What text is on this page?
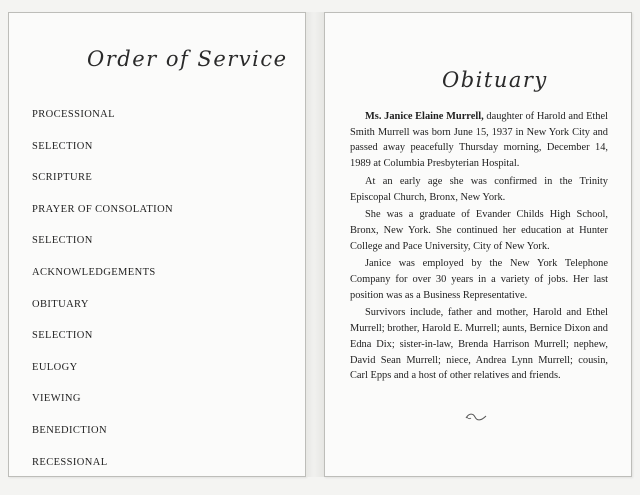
Order of Service
PROCESSIONAL
SELECTION
SCRIPTURE
PRAYER OF CONSOLATION
SELECTION
ACKNOWLEDGEMENTS
OBITUARY
SELECTION
EULOGY
VIEWING
BENEDICTION
RECESSIONAL
Obituary

Ms. Janice Elaine Murrell, daughter of Harold and Ethel Smith Murrell was born June 15, 1937 in New York City and passed away peacefully Thursday morning, December 14, 1989 at Columbia Presbyterian Hospital.

At an early age she was confirmed in the Trinity Episcopal Church, Bronx, New York.

She was a graduate of Evander Childs High School, Bronx, New York. She continued her education at Hunter College and Pace University, City of New York.

Janice was employed by the New York Telephone Company for over 30 years in a variety of jobs. Her last position was as a Business Representative.

Survivors include, father and mother, Harold and Ethel Murrell; brother, Harold E. Murrell; aunts, Bernice Dixon and Edna Dix; sister-in-law, Brenda Harrison Murrell; nephew, David Sean Murrell; niece, Andrea Lynn Murrell; cousin, Carl Epps and a host of other relatives and friends.
